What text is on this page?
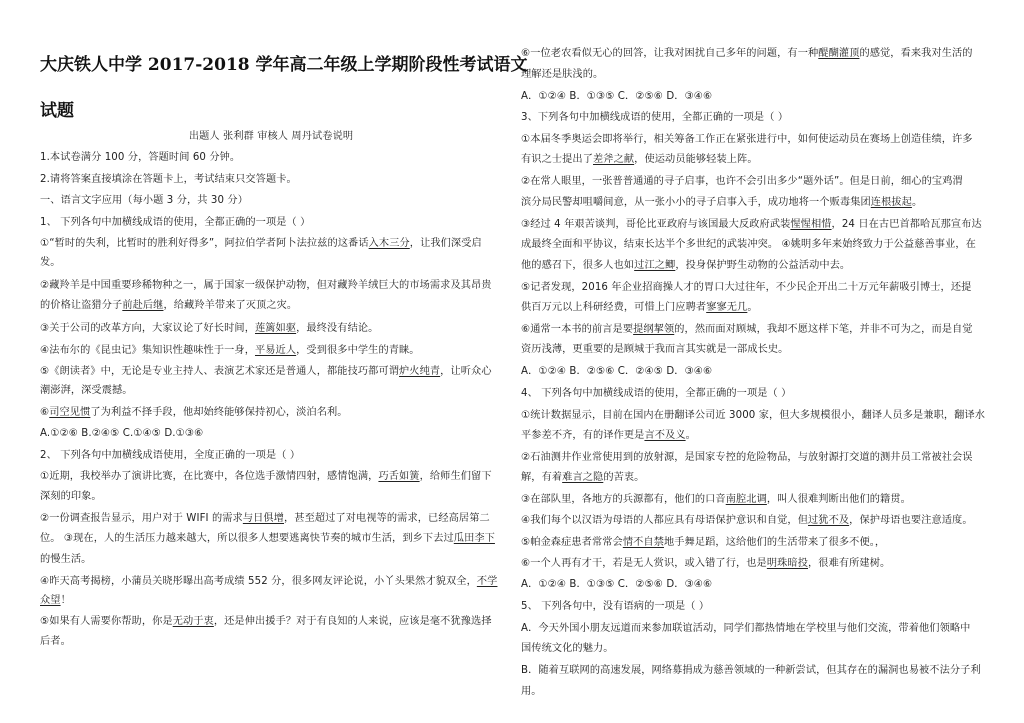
大庆铁人中学 2017-2018 学年高二年级上学期阶段性考试语文
试题
出题人 张利群 审核人 周丹试卷说明
1.本试卷满分 100 分，答题时间 60 分钟。
2.请将答案直接填涂在答题卡上，考试结束只交答题卡。
一、语言文字应用（每小题 3 分，共 30 分）
1、 下列各句中加横线成语的使用，全都正确的一项是（ ）
①“暂时的失利，比暂时的胜利好得多”，阿拉伯学者阿卜法拉兹的这番话入木三分，让我们深受启
发。
②藏羚羊是中国重要珍稀物种之一，属于国家一级保护动物，但对藏羚羊绒巨大的市场需求及其昂贵
的价格让盗猎分子前赴后继，给藏羚羊带来了灭顶之灾。
③关于公司的改革方向，大家议论了好长时间，莲篱如驱，最终没有结论。
④法布尔的《昆虫记》集知识性趣味性于一身，平易近人，受到很多中学生的青睐。
⑤《朗读者》中，无论是专业主持人、表演艺术家还是普通人，都能技巧都可谓炉火纯青，让听众心
潮澎湃，深受震撼。
⑥司空见惯了为利益不择手段，他却始终能够保持初心，淡泊名利。
A.①②⑥ B.②④⑤ C.①④⑤ D.①③⑥
2、 下列各句中加横线成语使用，全度正确的一项是（ ）
①近期，我校举办了演讲比赛，在比赛中，各位选手激情四射，感情饱满，巧舌如簧，给师生们留下
深刻的印象。
②一份调查报告显示，用户对于 WIFI 的需求与日俱增，甚至超过了对电视等的需求，已经高居第二
位。 ③现在，人的生活压力越来越大，所以很多人想要逃离快节奏的城市生活，到乡下去过瓜田李下
的慢生活。
④昨天高考揭榜，小蒲员关晓彤曝出高考成绩 552 分，很多网友评论说，小丫头果然才貌双全，不学
众望！
⑤如果有人需要你帮助，你是无动于衷，还是伸出援手？对于有良知的人来说，应该是毫不犹豫选择
后者。
⑥一位老农看似无心的回答，让我对困扰自己多年的问题，有一种醍醐灌顶的感觉，看来我对生活的
理解还是肤浅的。
A．①②④ B．①③⑤ C．②⑤⑥ D．③④⑥
3、下列各句中加横线成语的使用，全都正确的一项是（ ）
①本届冬季奥运会即将举行，相关筹备工作正在紧张进行中，如何使运动员在赛场上创造佳绩，许多
有识之士提出了差斧之献，使运动员能够轻装上阵。
②在常人眼里，一张普普通通的寻子启事，也许不会引出多少“题外话”。但是日前，细心的宝鸡渭
滨分局民警却咀嚼间意，从一张小小的寻子启事入手，成功地将一个贩毒集团连根拔起。
③经过 4 年艰苦谈判，哥伦比亚政府与该国最大反政府武装惺惺相惜，24 日在古巴首都哈瓦那宣布达
成最终全面和平协议，结束长达半个多世纪的武装冲突。 ④姚明多年来始终致力于公益慈善事业，在
他的感召下，很多人也如过江之鲫，投身保护野生动物的公益活动中去。
⑤记者发现，2016 年企业招商操人才的胃口大过往年，不少民企开出二十万元年薪吸引博士，还提
供百万元以上科研经费，可惜上门应聘者寥寥无几。
⑥通常一本书的前言是要提纲挈领的，然而面对顾城，我却不愿这样下笔，并非不可为之，而是自觉
资历浅薄，更重要的是顾城于我而言其实就是一部成长史。
A．①②④ B．②⑤⑥ C．②④⑤ D．③④⑥
4、 下列各句中加横线成语的使用，全都正确的一项是（ ）
①统计数据显示，目前在国内在册翻译公司近 3000 家，但大多规模很小，翻译人员多是兼职，翻译水
平参差不齐，有的译作更是言不及义。
②石油测井作业常使用到的放射源，是国家专控的危险物品，与放射源打交道的测井员工常被社会误
解，有着难言之隐的苦衷。
③在部队里，各地方的兵源都有，他们的口音南腔北调，叫人很难判断出他们的籍贯。
④我们每个以汉语为母语的人都应具有母语保护意识和自觉，但过犹不及，保护母语也要注意适度。
⑤帕金森症患者常常会情不自禁地手舞足蹈，这给他们的生活带来了很多不便。，
⑥一个人再有才干，若是无人赏识，或入错了行，也是明珠暗投，很难有所建树。
A．①②④ B．①③⑤ C．②⑤⑥ D．③④⑥
5、 下列各句中，没有语病的一项是（ ）
A．今天外国小朋友远道而来参加联谊活动，同学们都热情地在学校里与他们交流，带着他们领略中
国传统文化的魅力。
B．随着互联网的高速发展，网络募捐成为慈善领域的一种新尝试，但其存在的漏洞也易被不法分子利
用。
